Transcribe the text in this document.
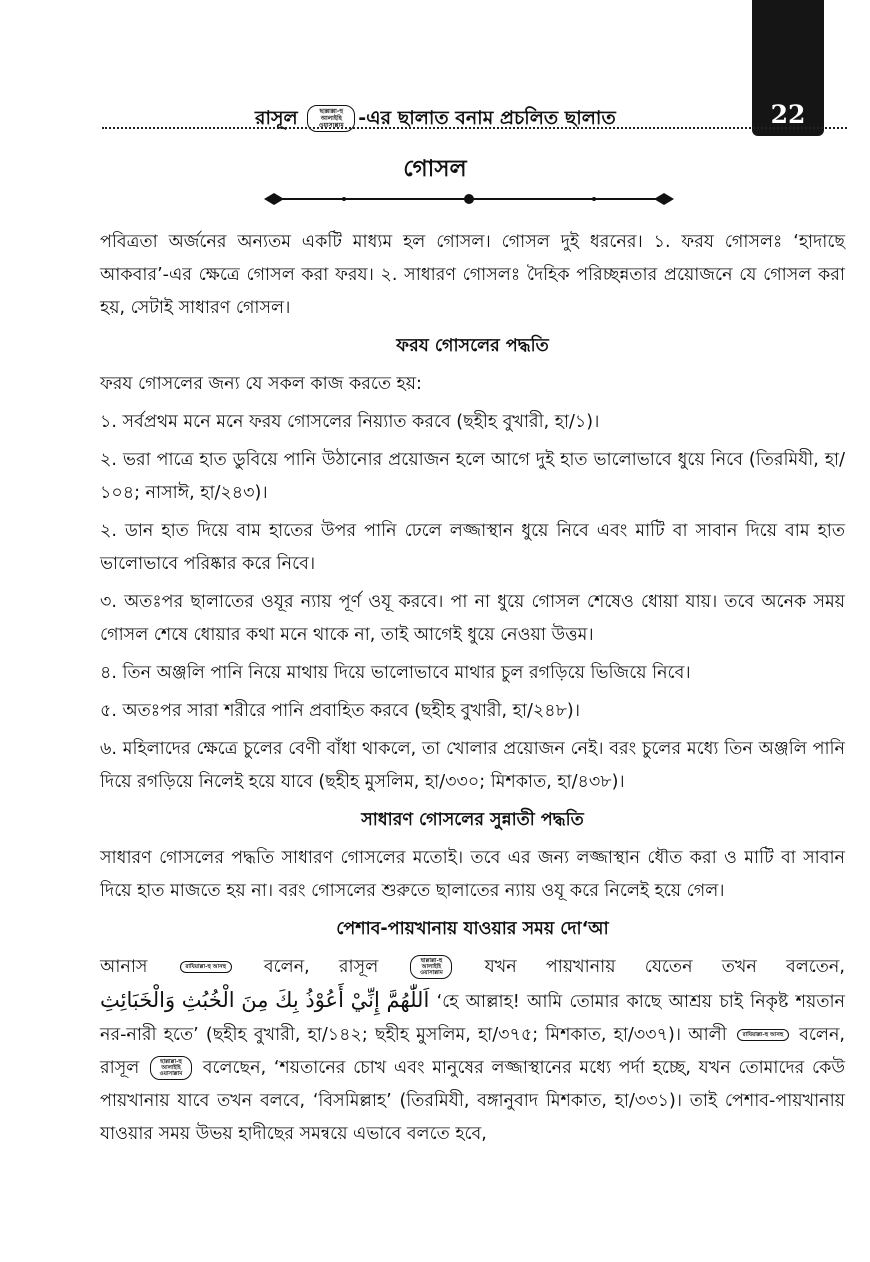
22
রাসূল	ছাল্লাল্লা-হু আলাইহি ওয়াসাল্লাম -এর ছালাত বনাম প্রচলিত ছালাত
গোসল

পবিত্রতা অর্জনের অন্যতম একটি মাধ্যম হল গোসল। গোসল দুই ধরনের। ১. ফরয গোসলঃ ‘হাদাছে আকবার’-এর ক্ষেত্রে গোসল করা ফরয। ২. সাধারণ গোসলঃ দৈহিক পরিচ্ছন্নতার প্রয়োজনে যে গোসল করা হয়, সেটাই সাধারণ গোসল।

ফরয গোসলের পদ্ধতি

ফরয গোসলের জন্য যে সকল কাজ করতে হয়:

১. সর্বপ্রথম মনে মনে ফরয গোসলের নিয়্যাত করবে (ছহীহ বুখারী, হা/১)।

২. ভরা পাত্রে হাত ডুবিয়ে পানি উঠানোর প্রয়োজন হলে আগে দুই হাত ভালোভাবে ধুয়ে নিবে (তিরমিযী, হা/১০৪; নাসাঈ, হা/২৪৩)।

২. ডান হাত দিয়ে বাম হাতের উপর পানি ঢেলে লজ্জাস্থান ধুয়ে নিবে এবং মাটি বা সাবান দিয়ে বাম হাত ভালোভাবে পরিষ্কার করে নিবে।

৩. অতঃপর ছালাতের ওযূর ন্যায় পূর্ণ ওযূ করবে। পা না ধুয়ে গোসল শেষেও ধোয়া যায়। তবে অনেক সময় গোসল শেষে ধোয়ার কথা মনে থাকে না, তাই আগেই ধুয়ে নেওয়া উত্তম।

৪. তিন অঞ্জলি পানি নিয়ে মাথায় দিয়ে ভালোভাবে মাথার চুল রগড়িয়ে ভিজিয়ে নিবে।

৫. অতঃপর সারা শরীরে পানি প্রবাহিত করবে (ছহীহ বুখারী, হা/২৪৮)।

৬. মহিলাদের ক্ষেত্রে চুলের বেণী বাঁধা থাকলে, তা খোলার প্রয়োজন নেই। বরং চুলের মধ্যে তিন অঞ্জলি পানি দিয়ে রগড়িয়ে নিলেই হয়ে যাবে (ছহীহ মুসলিম, হা/৩৩০; মিশকাত, হা/৪৩৮)।

সাধারণ গোসলের সুন্নাতী পদ্ধতি

সাধারণ গোসলের পদ্ধতি সাধারণ গোসলের মতোই। তবে এর জন্য লজ্জাস্থান ধৌত করা ও মাটি বা সাবান দিয়ে হাত মাজতে হয় না। বরং গোসলের শুরুতে ছালাতের ন্যায় ওযূ করে নিলেই হয়ে গেল।

পেশাব-পায়খানায় যাওয়ার সময় দো‘আ

আনাস	রাযিয়াল্লা-হু আনহু বলেন, রাসূল	ছাল্লাল্লা-হু আলাইহি ওয়াসাল্লাম যখন পায়খানায় যেতেন তখন বলতেন, اَللّٰهُمَّ إِنِّيْ أَعُوْذُ بِكَ مِنَ الْخُبُثِ وَالْخَبَائِثِ ‘হে আল্লাহ! আমি তোমার কাছে আশ্রয় চাই নিকৃষ্ট শয়তান নর-নারী হতে’ (ছহীহ বুখারী, হা/১৪২; ছহীহ মুসলিম, হা/৩৭৫; মিশকাত, হা/৩৩৭)। আলী	রাযিয়াল্লা-হু আনহু বলেন, রাসূল	ছাল্লাল্লা-হু আলাইহি ওয়াসাল্লাম বলেছেন, ‘শয়তানের চোখ এবং মানুষের লজ্জাস্থানের মধ্যে পর্দা হচ্ছে, যখন তোমাদের কেউ পায়খানায় যাবে তখন বলবে, ‘বিসমিল্লাহ’ (তিরমিযী, বঙ্গানুবাদ মিশকাত, হা/৩৩১)। তাই পেশাব-পায়খানায় যাওয়ার সময় উভয় হাদীছের সমন্বয়ে এভাবে বলতে হবে,
